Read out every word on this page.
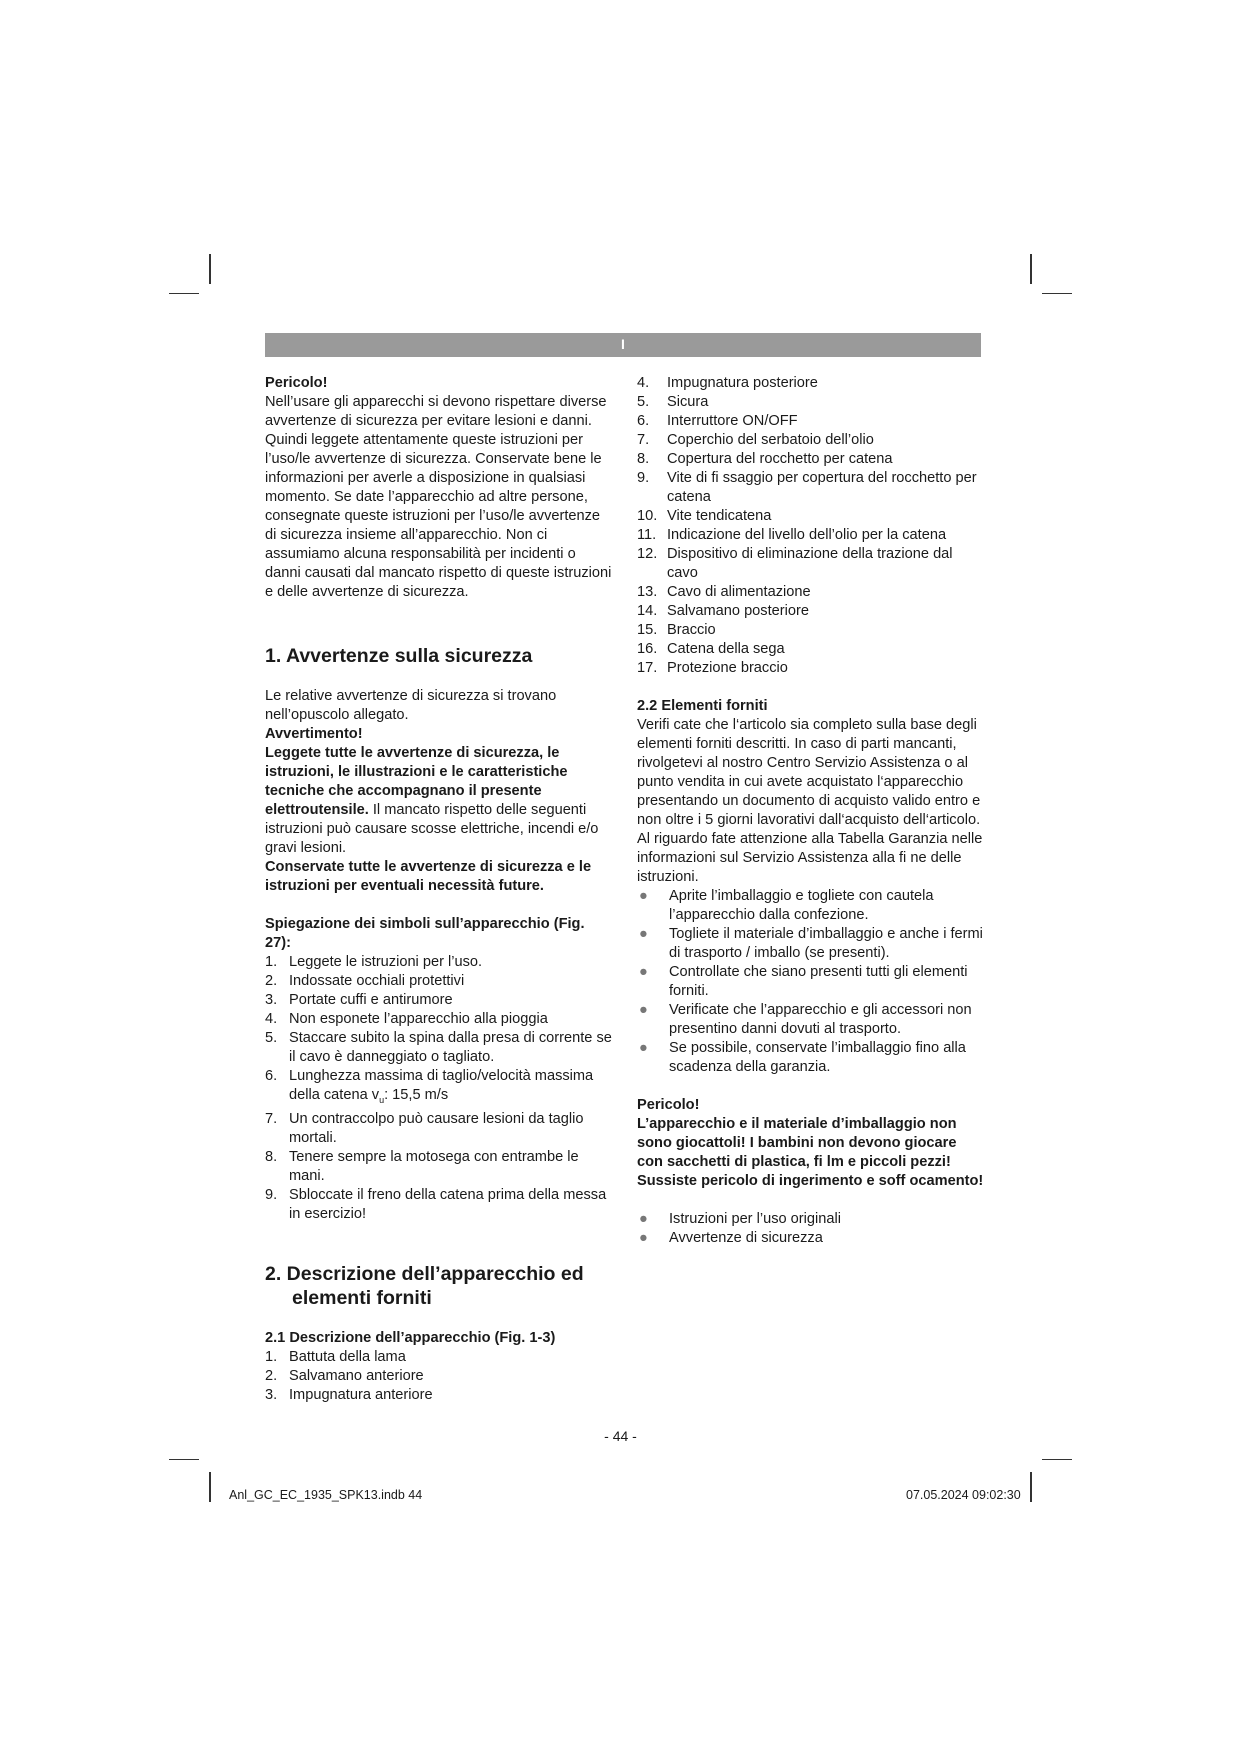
I

Pericolo!

Nell’usare gli apparecchi si devono rispettare diverse avvertenze di sicurezza per evitare lesioni e danni. Quindi leggete attentamente queste istruzioni per l’uso/le avvertenze di sicurezza. Conservate bene le informazioni per averle a disposizione in qualsiasi momento. Se date l’apparecchio ad altre persone, consegnate queste istruzioni per l’uso/le avvertenze di sicurezza insieme all’apparecchio. Non ci assumiamo alcuna responsabilità per incidenti o danni causati dal mancato rispetto di queste istruzioni e delle avvertenze di sicurezza.

1. Avvertenze sulla sicurezza

Le relative avvertenze di sicurezza si trovano nell’opuscolo allegato.

Avvertimento!

Leggete tutte le avvertenze di sicurezza, le istruzioni, le illustrazioni e le caratteristiche tecniche che accompagnano il presente elettroutensile. Il mancato rispetto delle seguenti istruzioni può causare scosse elettriche, incendi e/o gravi lesioni.

Conservate tutte le avvertenze di sicurezza e le istruzioni per eventuali necessità future.

Spiegazione dei simboli sull’apparecchio (Fig. 27):

1. Leggete le istruzioni per l’uso.
2. Indossate occhiali protettivi
3. Portate cuffi e antirumore
4. Non esponete l’apparecchio alla pioggia
5. Staccare subito la spina dalla presa di corrente se il cavo è danneggiato o tagliato.
6. Lunghezza massima di taglio/velocità massima della catena $v_u$: 15,5 m/s
7. Un contraccolpo può causare lesioni da taglio mortali.
8. Tenere sempre la motosega con entrambe le mani.
9. Sbloccate il freno della catena prima della messa in esercizio!

2. Descrizione dell’apparecchio ed elementi forniti

2.1 Descrizione dell’apparecchio (Fig. 1-3)

1. Battuta della lama
2. Salvamano anteriore
3. Impugnatura anteriore
4. Impugnatura posteriore
5. Sicura
6. Interruttore ON/OFF
7. Coperchio del serbatoio dell’olio
8. Copertura del rocchetto per catena
9. Vite di fi ssaggio per copertura del rocchetto per catena
10. Vite tendicatena
11. Indicazione del livello dell’olio per la catena
12. Dispositivo di eliminazione della trazione dal cavo
13. Cavo di alimentazione
14. Salvamano posteriore
15. Braccio
16. Catena della sega
17. Protezione braccio

2.2 Elementi forniti

Verifi cate che l‘articolo sia completo sulla base degli elementi forniti descritti. In caso di parti mancanti, rivolgetevi al nostro Centro Servizio Assistenza o al punto vendita in cui avete acquistato l‘apparecchio presentando un documento di acquisto valido entro e non oltre i 5 giorni lavorativi dall‘acquisto dell‘articolo. Al riguardo fate attenzione alla Tabella Garanzia nelle informazioni sul Servizio Assistenza alla fi ne delle istruzioni.

● Aprite l’imballaggio e togliete con cautela l’apparecchio dalla confezione.
● Togliete il materiale d’imballaggio e anche i fermi di trasporto / imballo (se presenti).
● Controllate che siano presenti tutti gli elementi forniti.
● Verificate che l’apparecchio e gli accessori non presentino danni dovuti al trasporto.
● Se possibile, conservate l’imballaggio fino alla scadenza della garanzia.

Pericolo!

L’apparecchio e il materiale d’imballaggio non sono giocattoli! I bambini non devono giocare con sacchetti di plastica, fi lm e piccoli pezzi! Sussiste pericolo di ingerimento e soff ocamento!

● Istruzioni per l’uso originali
● Avvertenze di sicurezza
- 44 -
Anl_GC_EC_1935_SPK13.indb 44	07.05.2024 09:02:30
